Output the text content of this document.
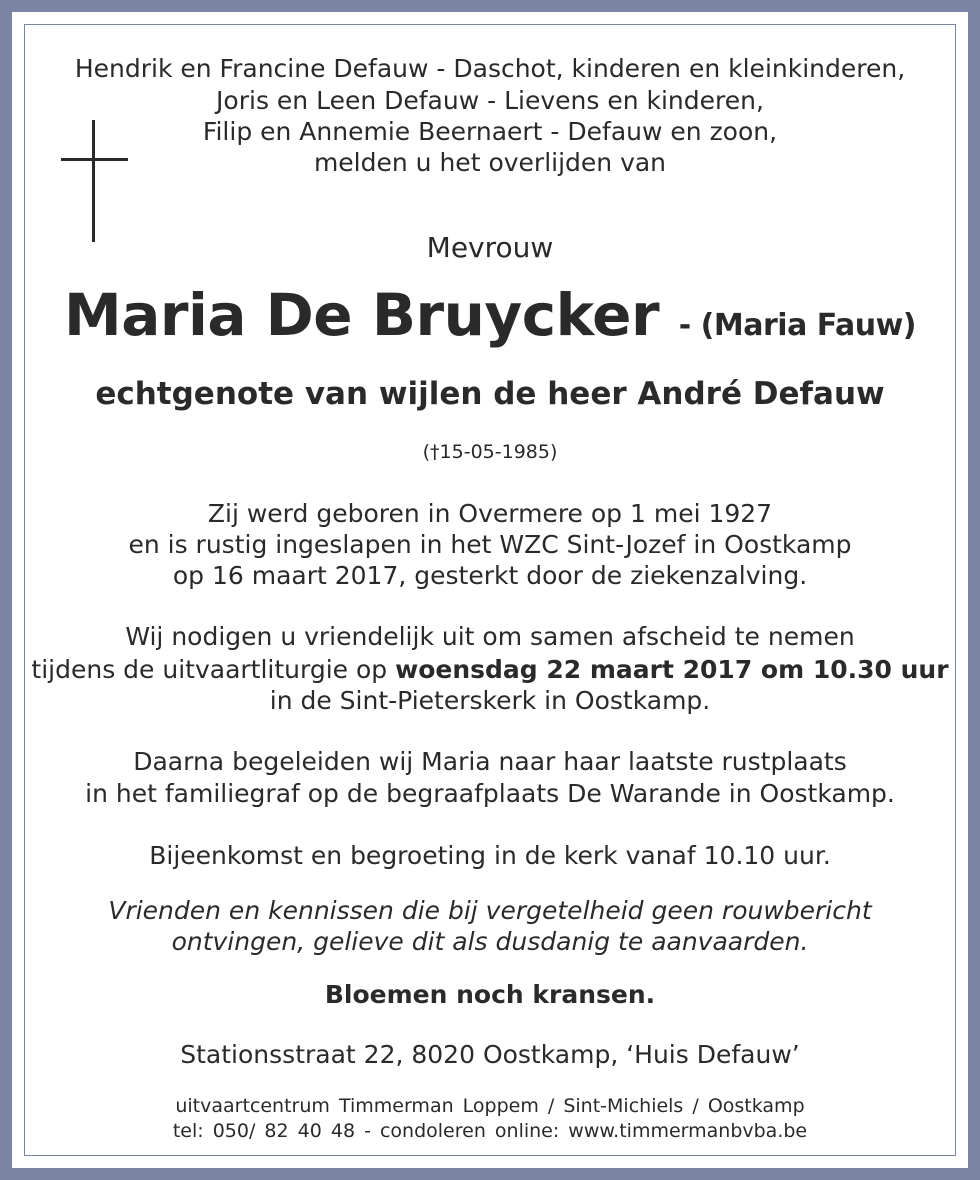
Hendrik en Francine Defauw - Daschot, kinderen en kleinkinderen,
Joris en Leen Defauw - Lievens en kinderen,
Filip en Annemie Beernaert - Defauw en zoon,
melden u het overlijden van
Mevrouw
Maria De Bruycker - (Maria Fauw)
echtgenote van wijlen de heer André Defauw
(†15-05-1985)
Zij werd geboren in Overmere op 1 mei 1927
en is rustig ingeslapen in het WZC Sint-Jozef in Oostkamp
op 16 maart 2017, gesterkt door de ziekenzalving.
Wij nodigen u vriendelijk uit om samen afscheid te nemen
tijdens de uitvaartliturgie op woensdag 22 maart 2017 om 10.30 uur
in de Sint-Pieterskerk in Oostkamp.
Daarna begeleiden wij Maria naar haar laatste rustplaats
in het familiegraf op de begraafplaats De Warande in Oostkamp.
Bijeenkomst en begroeting in de kerk vanaf 10.10 uur.
Vrienden en kennissen die bij vergetelheid geen rouwbericht
ontvingen, gelieve dit als dusdanig te aanvaarden.
Bloemen noch kransen.
Stationsstraat 22, 8020 Oostkamp, ‘Huis Defauw’
uitvaartcentrum Timmerman Loppem / Sint-Michiels / Oostkamp
tel: 050/ 82 40 48 - condoleren online: www.timmermanbvba.be
